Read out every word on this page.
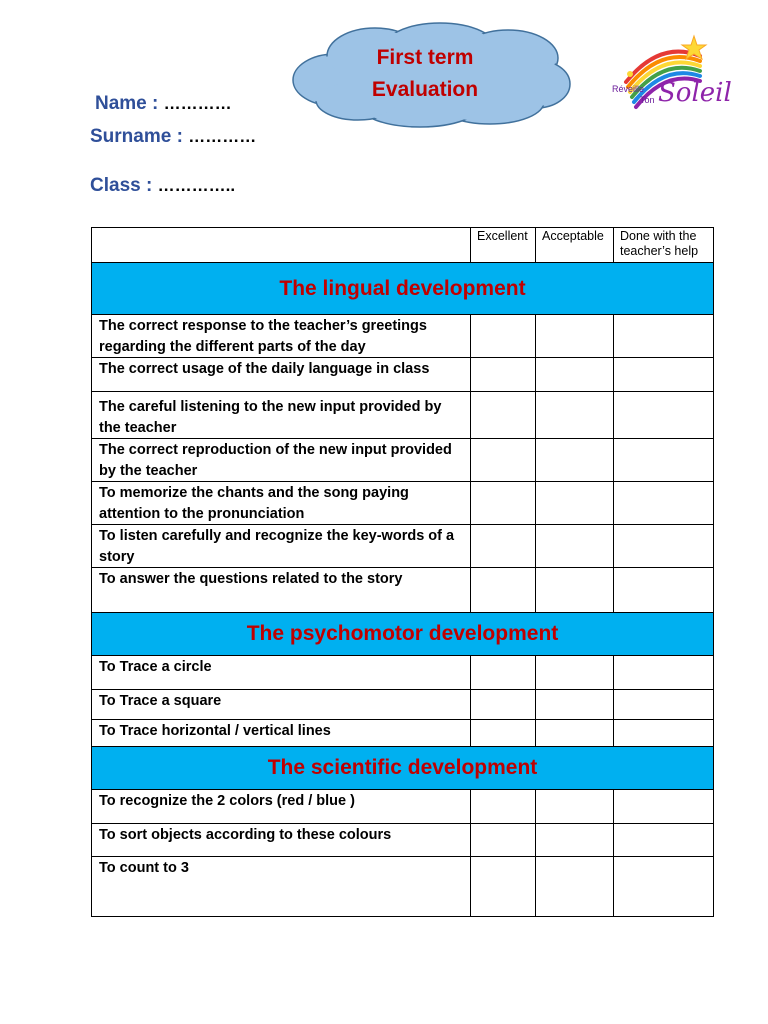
First term
Evaluation	Réveille
Ton Soleil
Name : …………
Surname : …………
Class : …………..
	Excellent	Acceptable	Done with the teacher’s help
The lingual development			
The correct response to the teacher’s greetings regarding the different parts of the day			
The correct usage of the daily language in class			
The careful listening to the new input provided by the teacher			
The correct reproduction of the new input provided by the teacher			
To memorize the chants and the song paying attention to the pronunciation			
To listen carefully and recognize the key-words of a story			
To answer the questions related to the story			
The psychomotor development			
To Trace a circle			
To Trace a square			
To Trace horizontal / vertical lines			
The scientific development			
To recognize the 2 colors (red / blue )			
To sort objects according to these colours			
To count to 3			
